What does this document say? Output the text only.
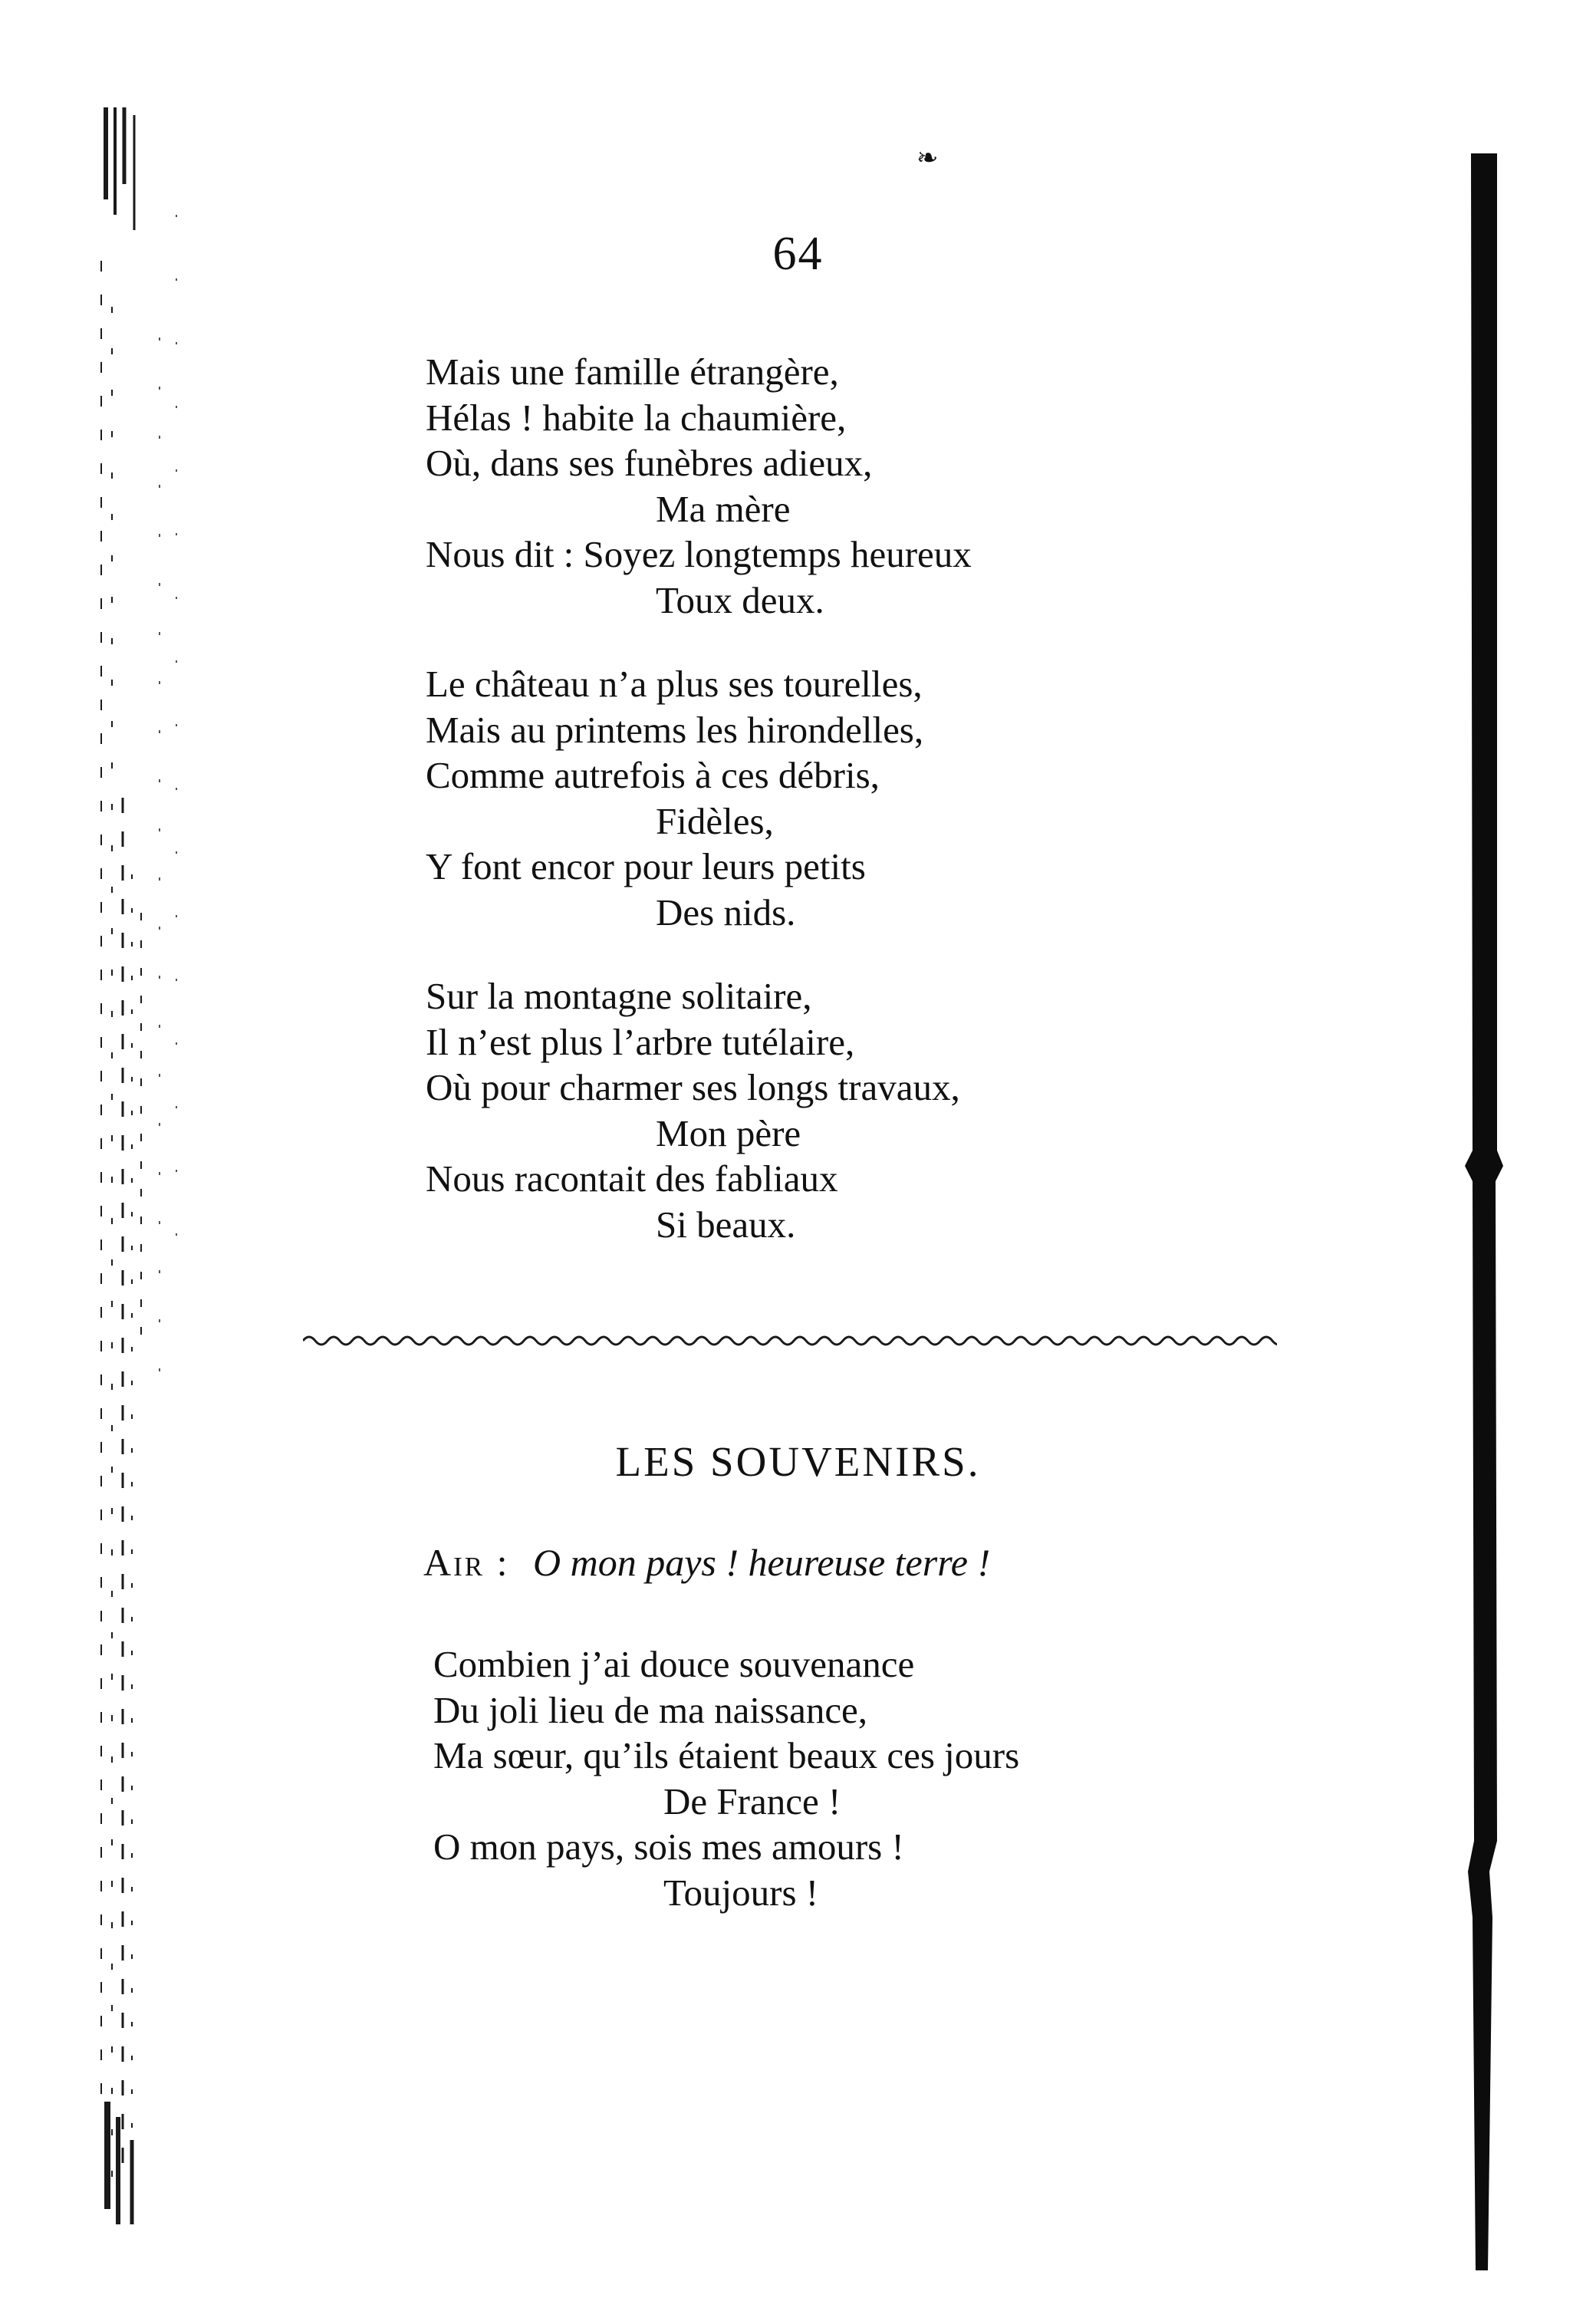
❧
64
Mais une famille étrangère,
Hélas ! habite la chaumière,
Où, dans ses funèbres adieux,
Ma mère
Nous dit : Soyez longtemps heureux
Toux deux.
Le château n’a plus ses tourelles,
Mais au printems les hirondelles,
Comme autrefois à ces débris,
Fidèles,
Y font encor pour leurs petits
Des nids.
Sur la montagne solitaire,
Il n’est plus l’arbre tutélaire,
Où pour charmer ses longs travaux,
Mon père
Nous racontait des fabliaux
Si beaux.
LES SOUVENIRS.
Air : O mon pays ! heureuse terre !
Combien j’ai douce souvenance
Du joli lieu de ma naissance,
Ma sœur, qu’ils étaient beaux ces jours
De France !
O mon pays, sois mes amours !
Toujours !
